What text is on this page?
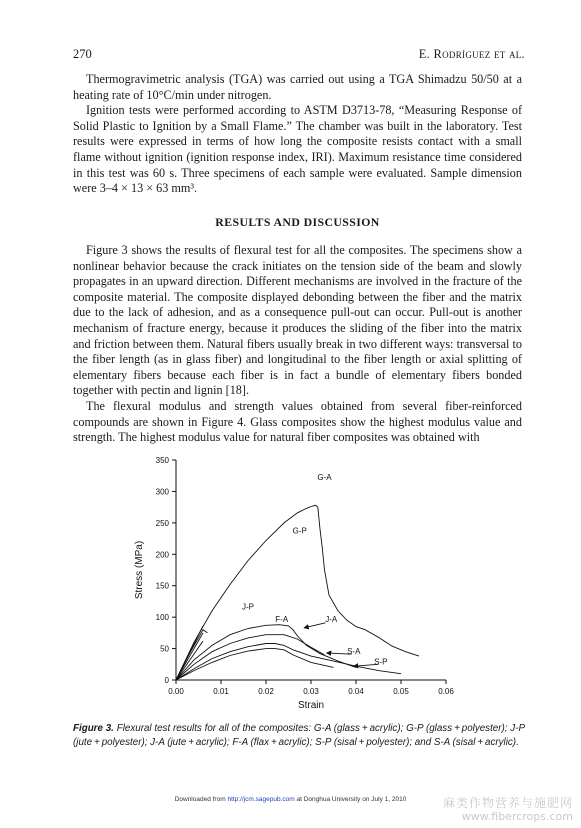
270	E. Rodríguez et al.

Thermogravimetric analysis (TGA) was carried out using a TGA Shimadzu 50/50 at a heating rate of 10°C/min under nitrogen.

Ignition tests were performed according to ASTM D3713-78, “Measuring Response of Solid Plastic to Ignition by a Small Flame.” The chamber was built in the laboratory. Test results were expressed in terms of how long the composite resists contact with a small flame without ignition (ignition response index, IRI). Maximum resistance time considered in this test was 60 s. Three specimens of each sample were evaluated. Sample dimension were 3–4 × 13 × 63 mm³.

RESULTS AND DISCUSSION

Figure 3 shows the results of flexural test for all the composites. The specimens show a nonlinear behavior because the crack initiates on the tension side of the beam and slowly propagates in an upward direction. Different mechanisms are involved in the fracture of the composite material. The composite displayed debonding between the fiber and the matrix due to the lack of adhesion, and as a consequence pull-out can occur. Pull-out is another mechanism of fracture energy, because it produces the sliding of the fiber into the matrix and friction between them. Natural fibers usually break in two different ways: transversal to the fiber length (as in glass fiber) and longitudinal to the fiber length or axial splitting of elementary fibers because each fiber is in fact a bundle of elementary fibers bonded together with pectin and lignin [18].

The flexural modulus and strength values obtained from several fiber-reinforced compounds are shown in Figure 4. Glass composites show the highest modulus value and strength. The highest modulus value for natural fiber composites was obtained with

0
50
100
150
200
250
300
350
0.00	0.01	0.02	0.03	0.04	0.05	0.06
Strain
Stress (MPa)
G-A
G-P
J-P
F-A	J-A
S-A
S-P
Figure 3. Flexural test results for all of the composites: G-A (glass + acrylic); G-P (glass + polyester); J-P (jute + polyester); J-A (jute + acrylic); F-A (flax + acrylic); S-P (sisal + polyester); and S-A (sisal + acrylic).
Downloaded from http://jcm.sagepub.com at Donghua University on July 1, 2010	麻类作物营养与施肥网
www.fibercrops.com
